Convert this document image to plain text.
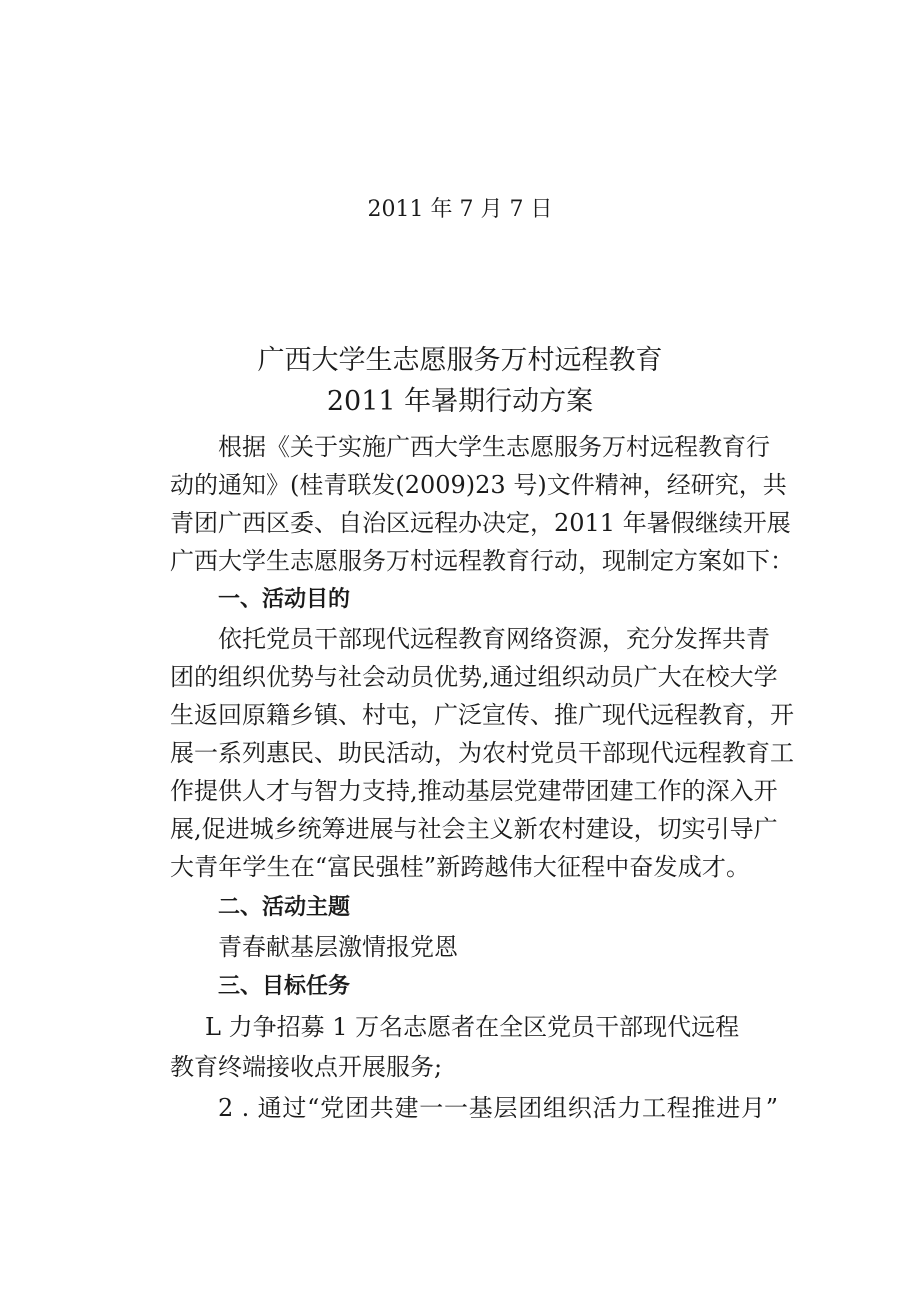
2011 年 7 月 7 日
广西大学生志愿服务万村远程教育
2011 年暑期行动方案
根据《关于实施广西大学生志愿服务万村远程教育行
动的通知》(桂青联发(2009)23 号)文件精神，经研究，共
青团广西区委、自治区远程办决定，2011 年暑假继续开展
广西大学生志愿服务万村远程教育行动，现制定方案如下：
一、活动目的
依托党员干部现代远程教育网络资源，充分发挥共青
团的组织优势与社会动员优势,通过组织动员广大在校大学
生返回原籍乡镇、村屯，广泛宣传、推广现代远程教育，开
展一系列惠民、助民活动，为农村党员干部现代远程教育工
作提供人才与智力支持,推动基层党建带团建工作的深入开
展,促进城乡统筹进展与社会主义新农村建设，切实引导广
大青年学生在“富民强桂”新跨越伟大征程中奋发成才。
二、活动主题
青春献基层激情报党恩
三、目标任务
L 力争招募 1 万名志愿者在全区党员干部现代远程
教育终端接收点开展服务;
2 . 通过“党团共建一一基层团组织活力工程推进月”
